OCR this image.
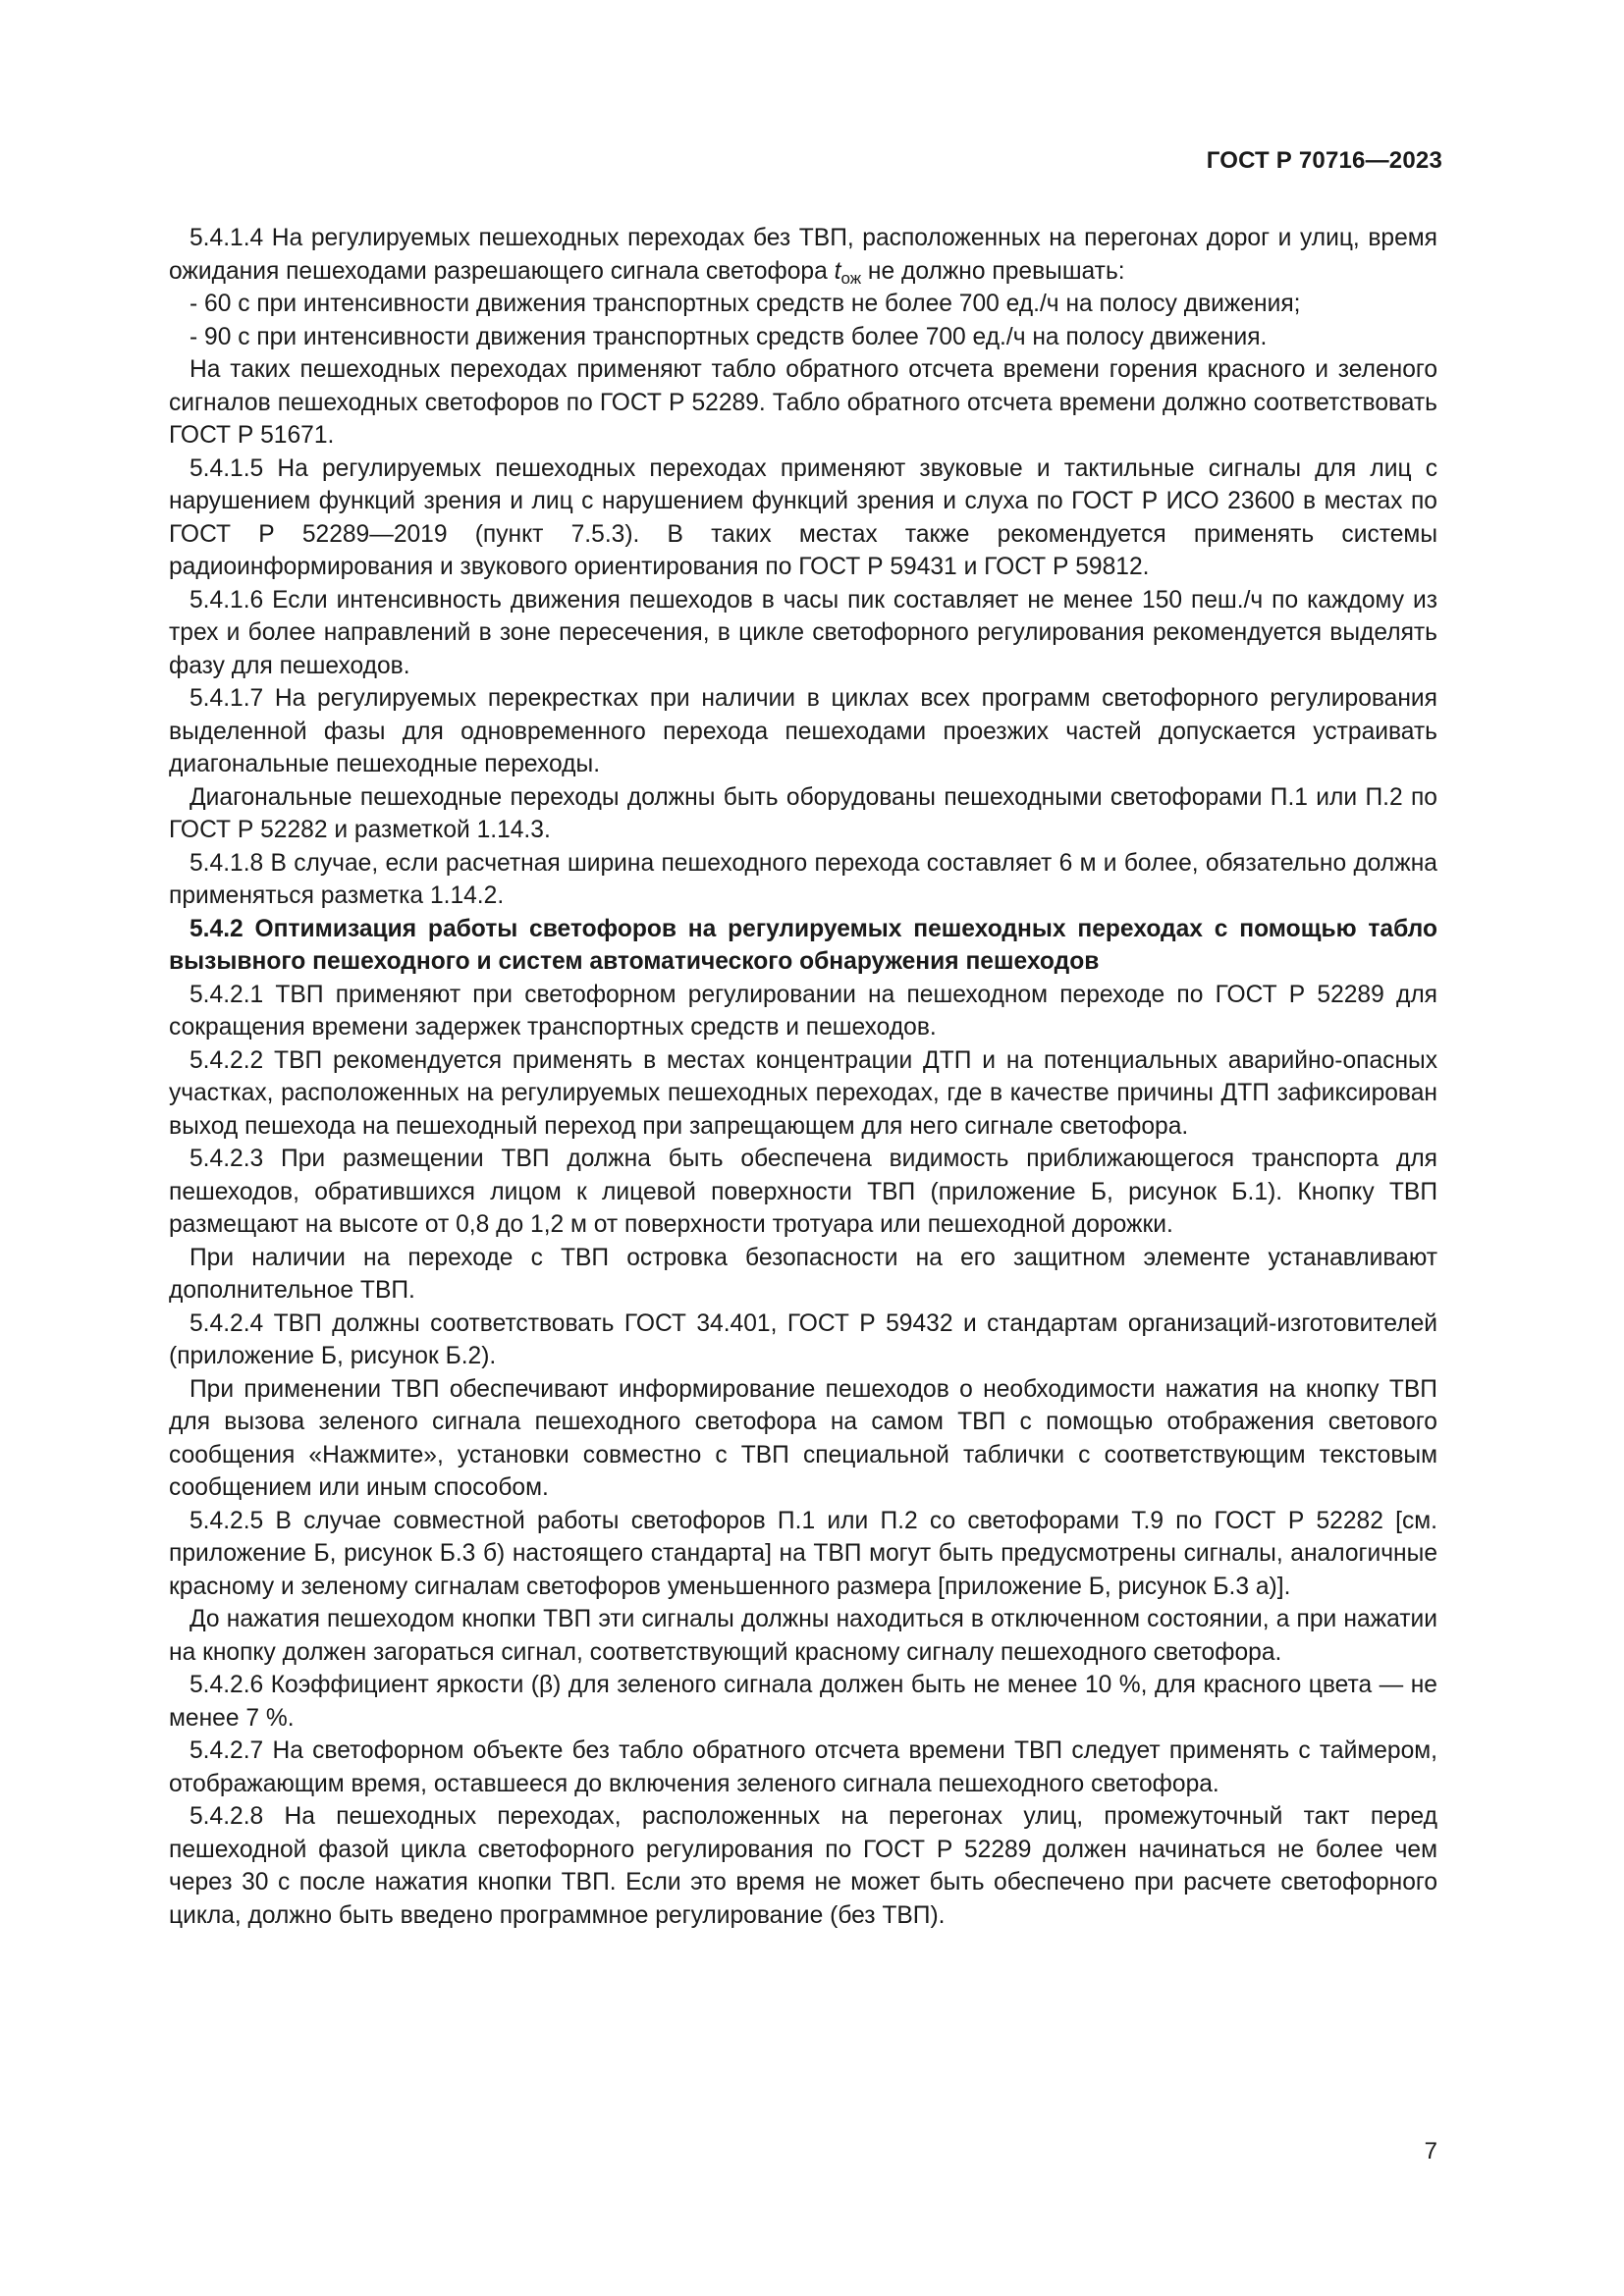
ГОСТ Р 70716—2023

5.4.1.4 На регулируемых пешеходных переходах без ТВП, расположенных на перегонах дорог и улиц, время ожидания пешеходами разрешающего сигнала светофора $t_{ож}$ не должно превышать:

- 60 с при интенсивности движения транспортных средств не более 700 ед./ч на полосу движения;

- 90 с при интенсивности движения транспортных средств более 700 ед./ч на полосу движения.

На таких пешеходных переходах применяют табло обратного отсчета времени горения красного и зеленого сигналов пешеходных светофоров по ГОСТ Р 52289. Табло обратного отсчета времени должно соответствовать ГОСТ Р 51671.

5.4.1.5 На регулируемых пешеходных переходах применяют звуковые и тактильные сигналы для лиц с нарушением функций зрения и лиц с нарушением функций зрения и слуха по ГОСТ Р ИСО 23600 в местах по ГОСТ Р 52289—2019 (пункт 7.5.3). В таких местах также рекомендуется применять системы радиоинформирования и звукового ориентирования по ГОСТ Р 59431 и ГОСТ Р 59812.

5.4.1.6 Если интенсивность движения пешеходов в часы пик составляет не менее 150 пеш./ч по каждому из трех и более направлений в зоне пересечения, в цикле светофорного регулирования рекомендуется выделять фазу для пешеходов.

5.4.1.7 На регулируемых перекрестках при наличии в циклах всех программ светофорного регулирования выделенной фазы для одновременного перехода пешеходами проезжих частей допускается устраивать диагональные пешеходные переходы.

Диагональные пешеходные переходы должны быть оборудованы пешеходными светофорами П.1 или П.2 по ГОСТ Р 52282 и разметкой 1.14.3.

5.4.1.8 В случае, если расчетная ширина пешеходного перехода составляет 6 м и более, обязательно должна применяться разметка 1.14.2.

5.4.2 Оптимизация работы светофоров на регулируемых пешеходных переходах с помощью табло вызывного пешеходного и систем автоматического обнаружения пешеходов

5.4.2.1 ТВП применяют при светофорном регулировании на пешеходном переходе по ГОСТ Р 52289 для сокращения времени задержек транспортных средств и пешеходов.

5.4.2.2 ТВП рекомендуется применять в местах концентрации ДТП и на потенциальных аварийно-опасных участках, расположенных на регулируемых пешеходных переходах, где в качестве причины ДТП зафиксирован выход пешехода на пешеходный переход при запрещающем для него сигнале светофора.

5.4.2.3 При размещении ТВП должна быть обеспечена видимость приближающегося транспорта для пешеходов, обратившихся лицом к лицевой поверхности ТВП (приложение Б, рисунок Б.1). Кнопку ТВП размещают на высоте от 0,8 до 1,2 м от поверхности тротуара или пешеходной дорожки.

При наличии на переходе с ТВП островка безопасности на его защитном элементе устанавливают дополнительное ТВП.

5.4.2.4 ТВП должны соответствовать ГОСТ 34.401, ГОСТ Р 59432 и стандартам организаций-изготовителей (приложение Б, рисунок Б.2).

При применении ТВП обеспечивают информирование пешеходов о необходимости нажатия на кнопку ТВП для вызова зеленого сигнала пешеходного светофора на самом ТВП с помощью отображения светового сообщения «Нажмите», установки совместно с ТВП специальной таблички с соответствующим текстовым сообщением или иным способом.

5.4.2.5 В случае совместной работы светофоров П.1 или П.2 со светофорами Т.9 по ГОСТ Р 52282 [см. приложение Б, рисунок Б.3 б) настоящего стандарта] на ТВП могут быть предусмотрены сигналы, аналогичные красному и зеленому сигналам светофоров уменьшенного размера [приложение Б, рисунок Б.3 а)].

До нажатия пешеходом кнопки ТВП эти сигналы должны находиться в отключенном состоянии, а при нажатии на кнопку должен загораться сигнал, соответствующий красному сигналу пешеходного светофора.

5.4.2.6 Коэффициент яркости (β) для зеленого сигнала должен быть не менее 10 %, для красного цвета — не менее 7 %.

5.4.2.7 На светофорном объекте без табло обратного отсчета времени ТВП следует применять с таймером, отображающим время, оставшееся до включения зеленого сигнала пешеходного светофора.

5.4.2.8 На пешеходных переходах, расположенных на перегонах улиц, промежуточный такт перед пешеходной фазой цикла светофорного регулирования по ГОСТ Р 52289 должен начинаться не более чем через 30 с после нажатия кнопки ТВП. Если это время не может быть обеспечено при расчете светофорного цикла, должно быть введено программное регулирование (без ТВП).

7
